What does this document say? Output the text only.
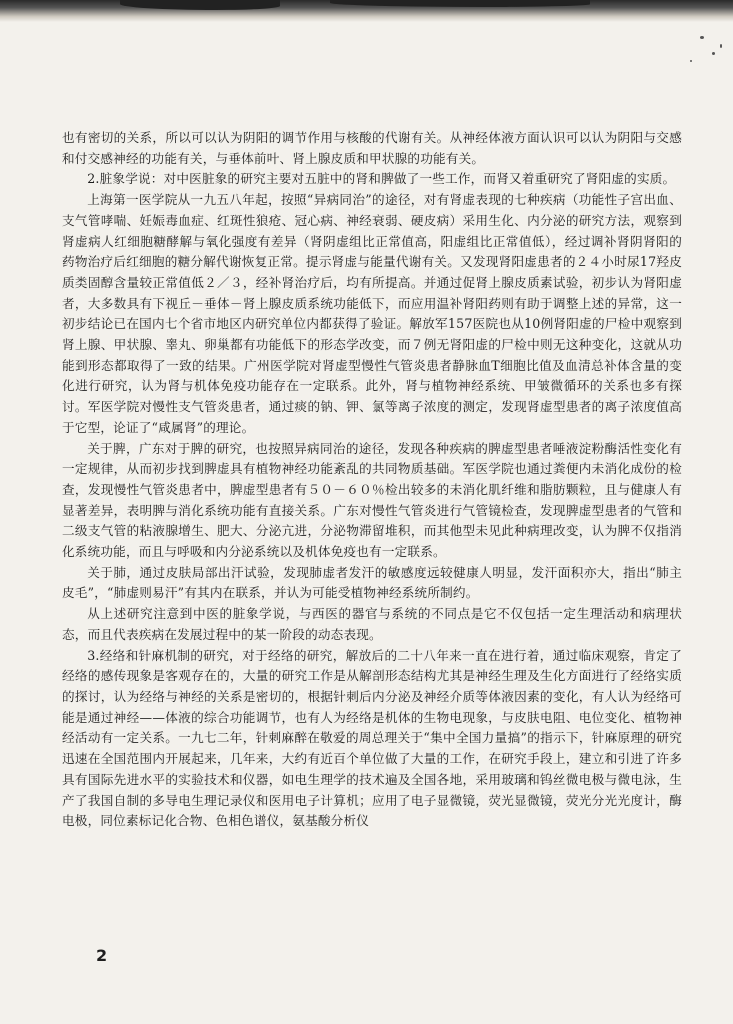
也有密切的关系，所以可以认为阴阳的调节作用与核酸的代谢有关。从神经体液方面认识可以认为阴阳与交感和付交感神经的功能有关，与垂体前叶、肾上腺皮质和甲状腺的功能有关。

2.脏象学说：对中医脏象的研究主要对五脏中的肾和脾做了一些工作，而肾又着重研究了肾阳虚的实质。

上海第一医学院从一九五八年起，按照“异病同治”的途径，对有肾虚表现的七种疾病（功能性子宫出血、支气管哮喘、妊娠毒血症、红斑性狼疮、冠心病、神经衰弱、硬皮病）采用生化、内分泌的研究方法，观察到肾虚病人红细胞糖酵解与氧化强度有差异（肾阴虚组比正常值高，阳虚组比正常值低），经过调补肾阴肾阳的药物治疗后红细胞的糖分解代谢恢复正常。提示肾虚与能量代谢有关。又发现肾阳虚患者的２４小时尿17羟皮质类固醇含量较正常值低２／３，经补肾治疗后，均有所提高。并通过促肾上腺皮质素试验，初步认为肾阳虚者，大多数具有下视丘－垂体－肾上腺皮质系统功能低下，而应用温补肾阳药则有助于调整上述的异常，这一初步结论已在国内七个省市地区内研究单位内都获得了验证。解放军157医院也从10例肾阳虚的尸检中观察到肾上腺、甲状腺、睾丸、卵巢都有功能低下的形态学改变，而７例无肾阳虚的尸检中则无这种变化，这就从功能到形态都取得了一致的结果。广州医学院对肾虚型慢性气管炎患者静脉血T细胞比值及血清总补体含量的变化进行研究，认为肾与机体免疫功能存在一定联系。此外，肾与植物神经系统、甲皱微循环的关系也多有探讨。军医学院对慢性支气管炎患者，通过痰的钠、钾、氯等离子浓度的测定，发现肾虚型患者的离子浓度值高于它型，论证了“咸属肾”的理论。

关于脾，广东对于脾的研究，也按照异病同治的途径，发现各种疾病的脾虚型患者唾液淀粉酶活性变化有一定规律，从而初步找到脾虚具有植物神经功能紊乱的共同物质基础。军医学院也通过粪便内未消化成份的检查，发现慢性气管炎患者中，脾虚型患者有５０－６０％检出较多的未消化肌纤维和脂肪颗粒，且与健康人有显著差异，表明脾与消化系统功能有直接关系。广东对慢性气管炎进行气管镜检查，发现脾虚型患者的气管和二级支气管的粘液腺增生、肥大、分泌亢进，分泌物滞留堆积，而其他型未见此种病理改变，认为脾不仅指消化系统功能，而且与呼吸和内分泌系统以及机体免疫也有一定联系。

关于肺，通过皮肤局部出汗试验，发现肺虚者发汗的敏感度远较健康人明显，发汗面积亦大，指出“肺主皮毛”，“肺虚则易汗”有其内在联系，并认为可能受植物神经系统所制约。

从上述研究注意到中医的脏象学说，与西医的器官与系统的不同点是它不仅包括一定生理活动和病理状态，而且代表疾病在发展过程中的某一阶段的动态表现。

3.经络和针麻机制的研究，对于经络的研究，解放后的二十八年来一直在进行着，通过临床观察，肯定了经络的感传现象是客观存在的，大量的研究工作是从解剖形态结构尤其是神经生理及生化方面进行了经络实质的探讨，认为经络与神经的关系是密切的，根据针刺后内分泌及神经介质等体液因素的变化，有人认为经络可能是通过神经——体液的综合功能调节，也有人为经络是机体的生物电现象，与皮肤电阻、电位变化、植物神经活动有一定关系。一九七二年，针刺麻醉在敬爱的周总理关于“集中全国力量搞”的指示下，针麻原理的研究迅速在全国范围内开展起来，几年来，大约有近百个单位做了大量的工作，在研究手段上，建立和引进了许多具有国际先进水平的实验技术和仪器，如电生理学的技术遍及全国各地，采用玻璃和钨丝微电极与微电泳，生产了我国自制的多导电生理记录仪和医用电子计算机；应用了电子显微镜，荧光显微镜，荧光分光光度计，酶电极，同位素标记化合物、色相色谱仪，氨基酸分析仪

2
